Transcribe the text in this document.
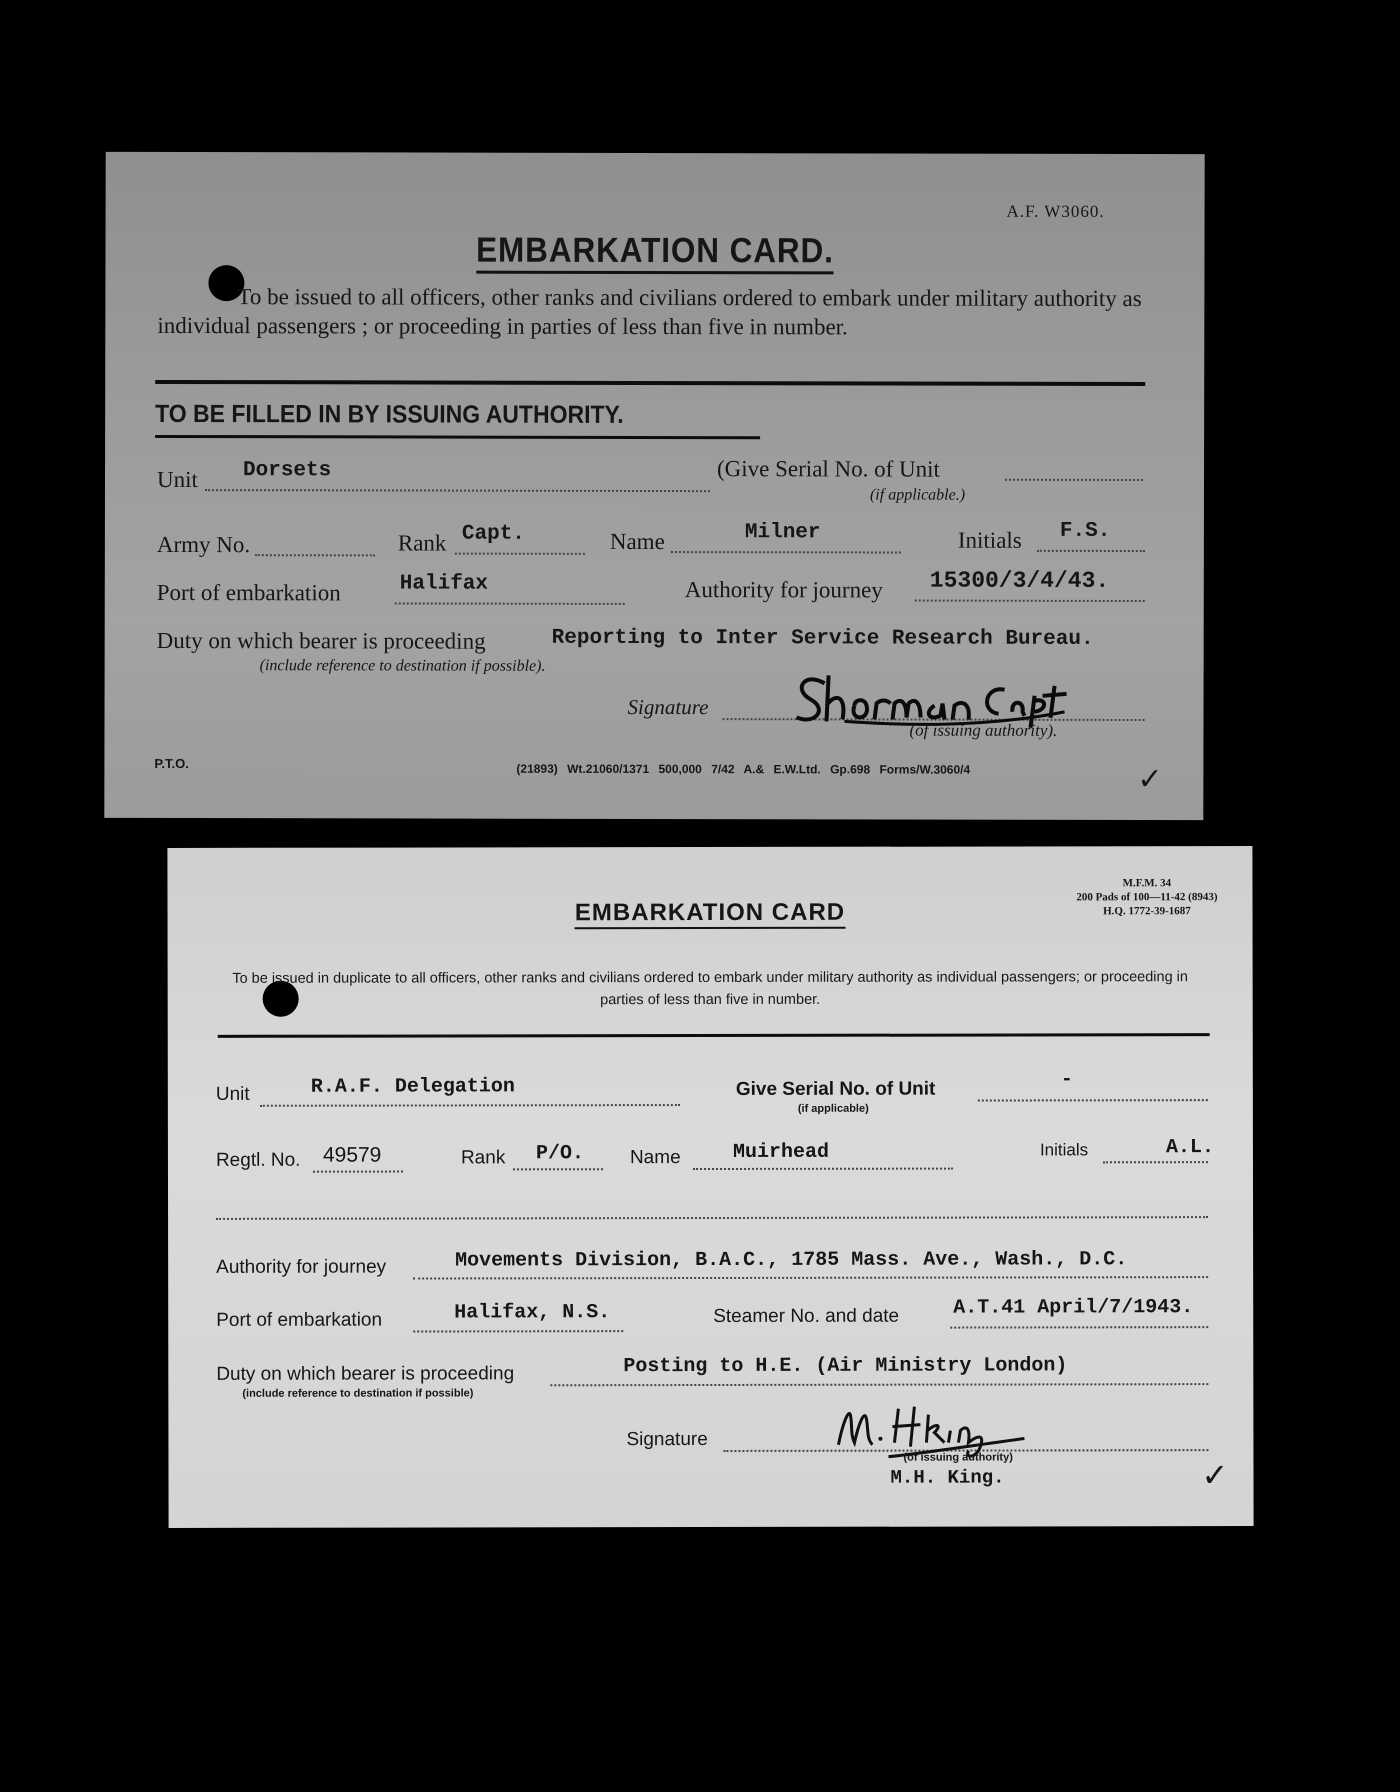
A.F. W3060.
EMBARKATION CARD.
To be issued to all officers, other ranks and civilians ordered to embark under military authority as individual passengers ; or proceeding in parties of less than five in number.
TO BE FILLED IN BY ISSUING AUTHORITY.
Unit Dorsets	(Give Serial No. of Unit
(if applicable.)
Army No.	Rank Capt.	Name	Milner	Initials F.S.
Port of embarkation	Halifax	Authority for journey 15300/3/4/43.
Duty on which bearer is proceeding	Reporting to Inter Service Research Bureau.
(include reference to destination if possible).
Signature
(of issuing authority).
P.T.O.	(21893) Wt.21060/1371 500,000 7/42 A.& E.W.Ltd. Gp.698 Forms/W.3060/4	✓
M.F.M. 34
200 Pads of 100—11-42 (8943)
H.Q. 1772-39-1687
EMBARKATION CARD
To be issued in duplicate to all officers, other ranks and civilians ordered to embark under military authority as individual passengers; or proceeding in parties of less than five in number.
Unit	R.A.F. Delegation	Give Serial No. of Unit	-
(if applicable)
Regtl. No. 49579	Rank P/O. Name	Muirhead	Initials	A.L.
Authority for journey	Movements Division, B.A.C., 1785 Mass. Ave., Wash., D.C.
Port of embarkation	Halifax, N.S.	Steamer No. and date	A.T.41 April/7/1943.
Duty on which bearer is proceeding	Posting to H.E. (Air Ministry London)
(include reference to destination if possible)
Signature
(of issuing authority)
M.H. King.	✓
